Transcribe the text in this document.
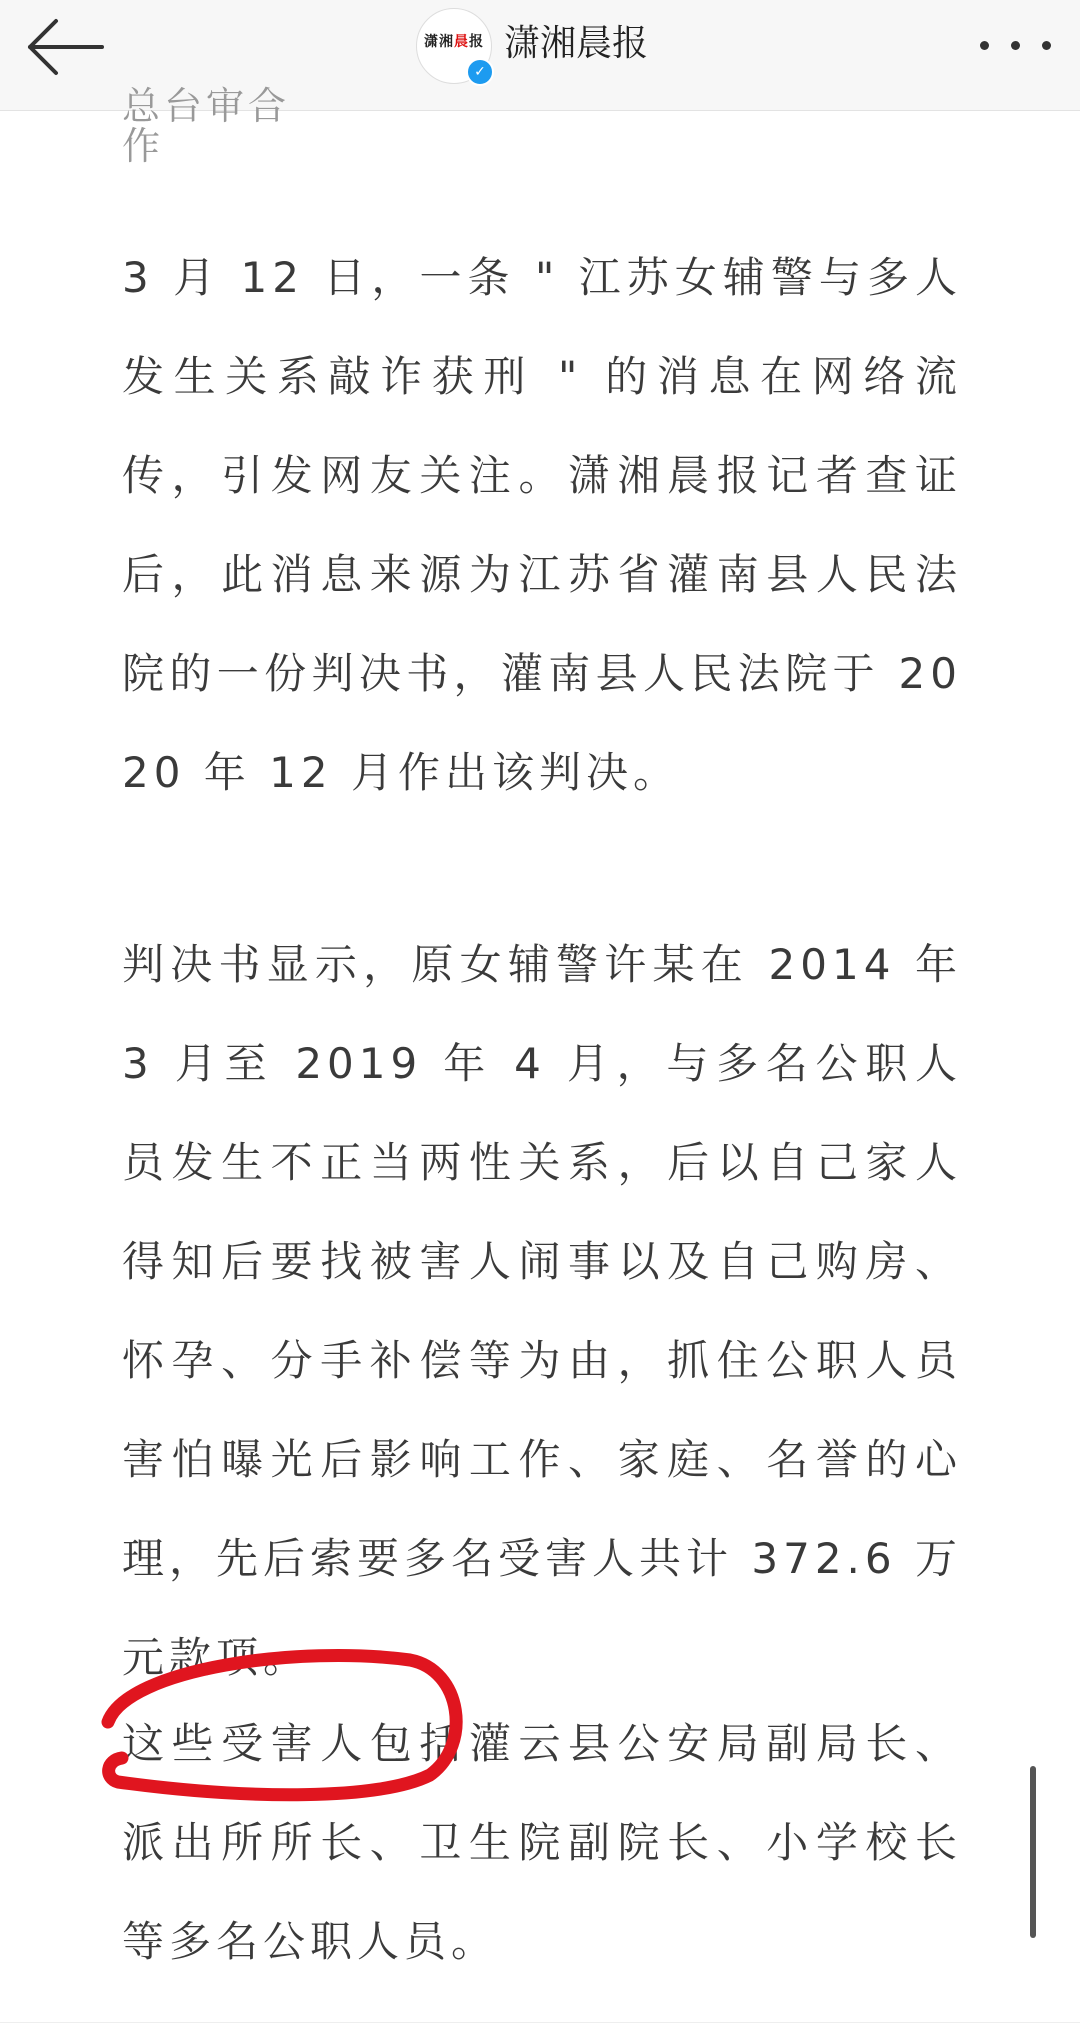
潇湘晨报
✓
潇湘晨报
总台审合作

3 月 12 日，一条 " 江苏女辅警与多人发生关系敲诈获刑 " 的消息在网络流传，引发网友关注。潇湘晨报记者查证后，此消息来源为江苏省灌南县人民法院的一份判决书，灌南县人民法院于 2020 年 12 月作出该判决。

判决书显示，原女辅警许某在 2014 年 3 月至 2019 年 4 月，与多名公职人员发生不正当两性关系，后以自己家人得知后要找被害人闹事以及自己购房、怀孕、分手补偿等为由，抓住公职人员害怕曝光后影响工作、家庭、名誉的心理，先后索要多名受害人共计 372.6 万元款项。

这些受害人包括灌云县公安局副局长、派出所所长、卫生院副院长、小学校长等多名公职人员。
